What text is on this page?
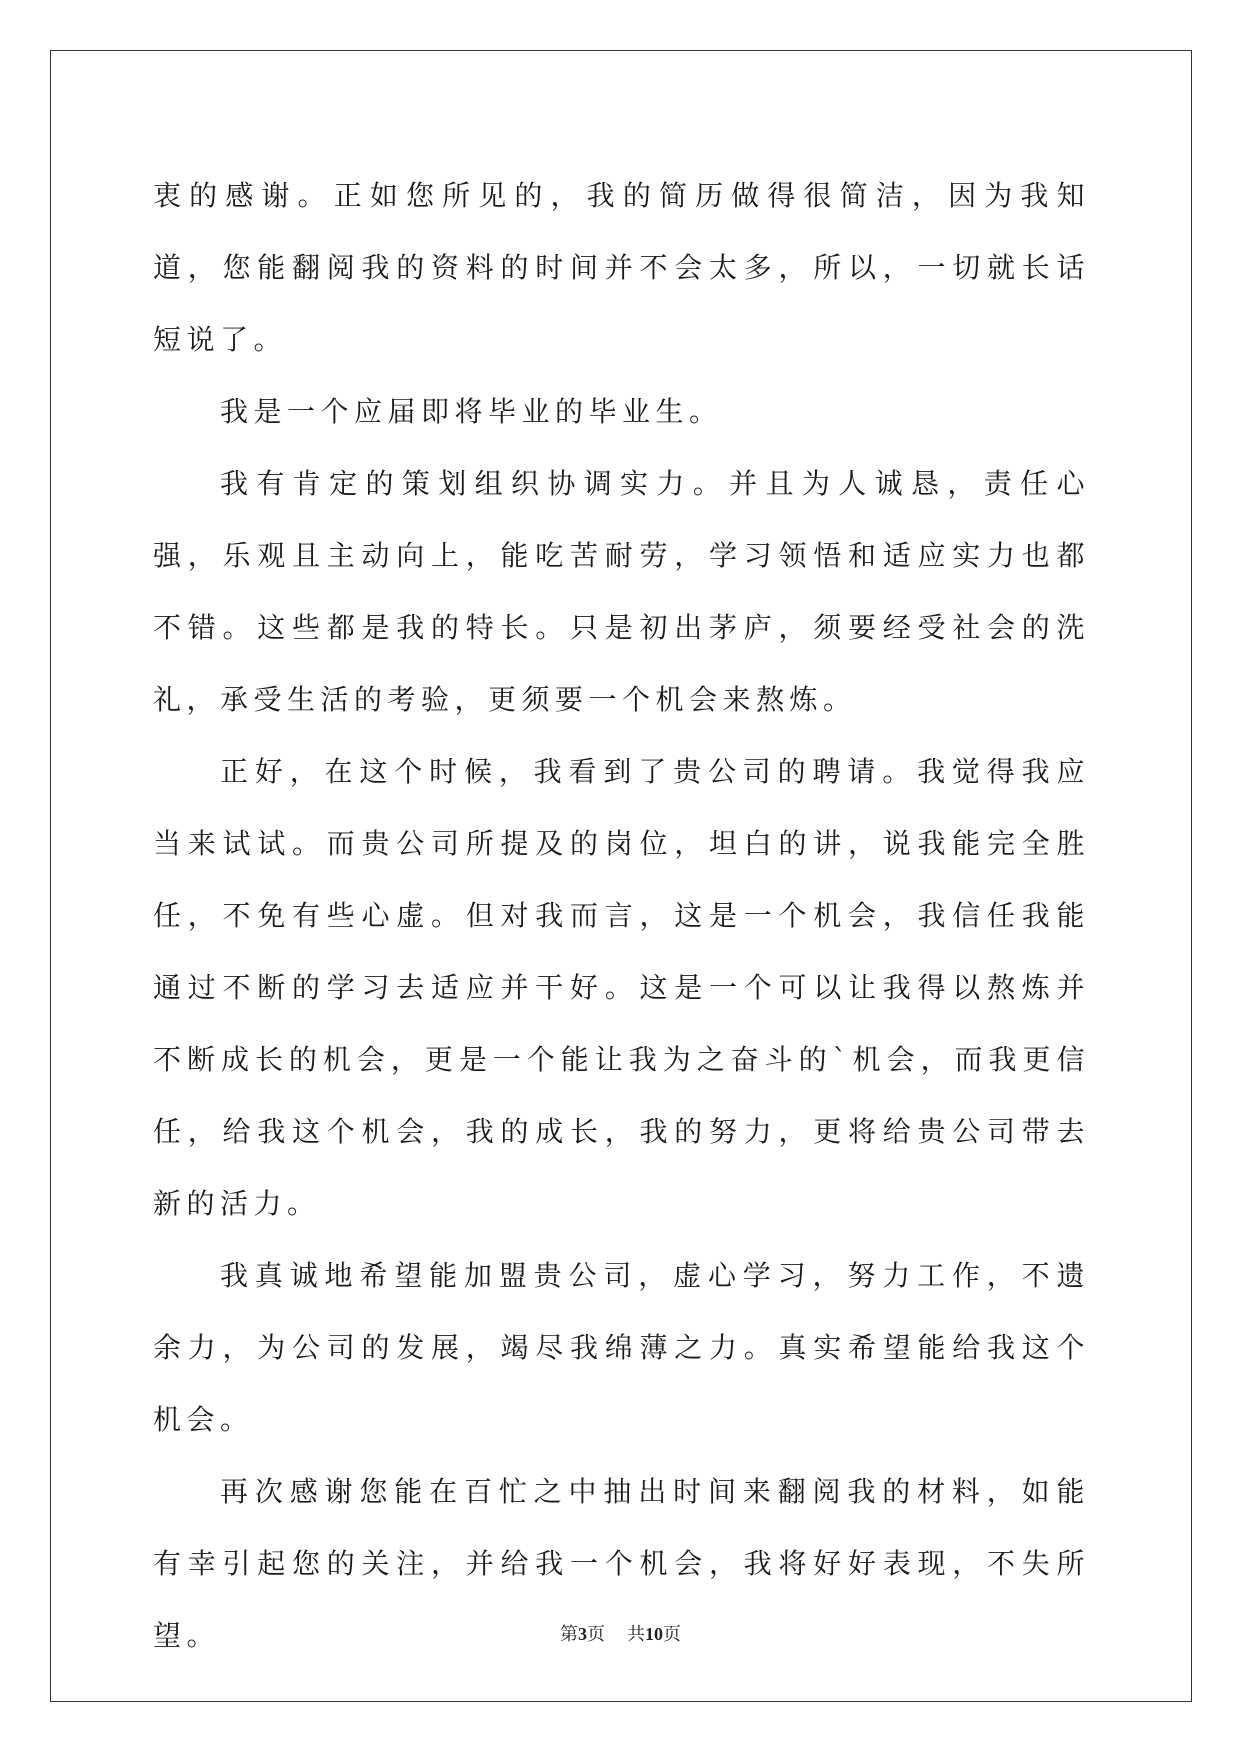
衷的感谢。正如您所见的，我的简历做得很简洁，因为我知道，您能翻阅我的资料的时间并不会太多，所以，一切就长话短说了。

我是一个应届即将毕业的毕业生。

我有肯定的策划组织协调实力。并且为人诚恳，责任心强，乐观且主动向上，能吃苦耐劳，学习领悟和适应实力也都不错。这些都是我的特长。只是初出茅庐，须要经受社会的洗礼，承受生活的考验，更须要一个机会来熬炼。

正好，在这个时候，我看到了贵公司的聘请。我觉得我应当来试试。而贵公司所提及的岗位，坦白的讲，说我能完全胜任，不免有些心虚。但对我而言，这是一个机会，我信任我能通过不断的学习去适应并干好。这是一个可以让我得以熬炼并不断成长的机会，更是一个能让我为之奋斗的`机会，而我更信任，给我这个机会，我的成长，我的努力，更将给贵公司带去新的活力。

我真诚地希望能加盟贵公司，虚心学习，努力工作，不遗余力，为公司的发展，竭尽我绵薄之力。真实希望能给我这个机会。

再次感谢您能在百忙之中抽出时间来翻阅我的材料，如能有幸引起您的关注，并给我一个机会，我将好好表现，不失所望。	第3页 共10页
